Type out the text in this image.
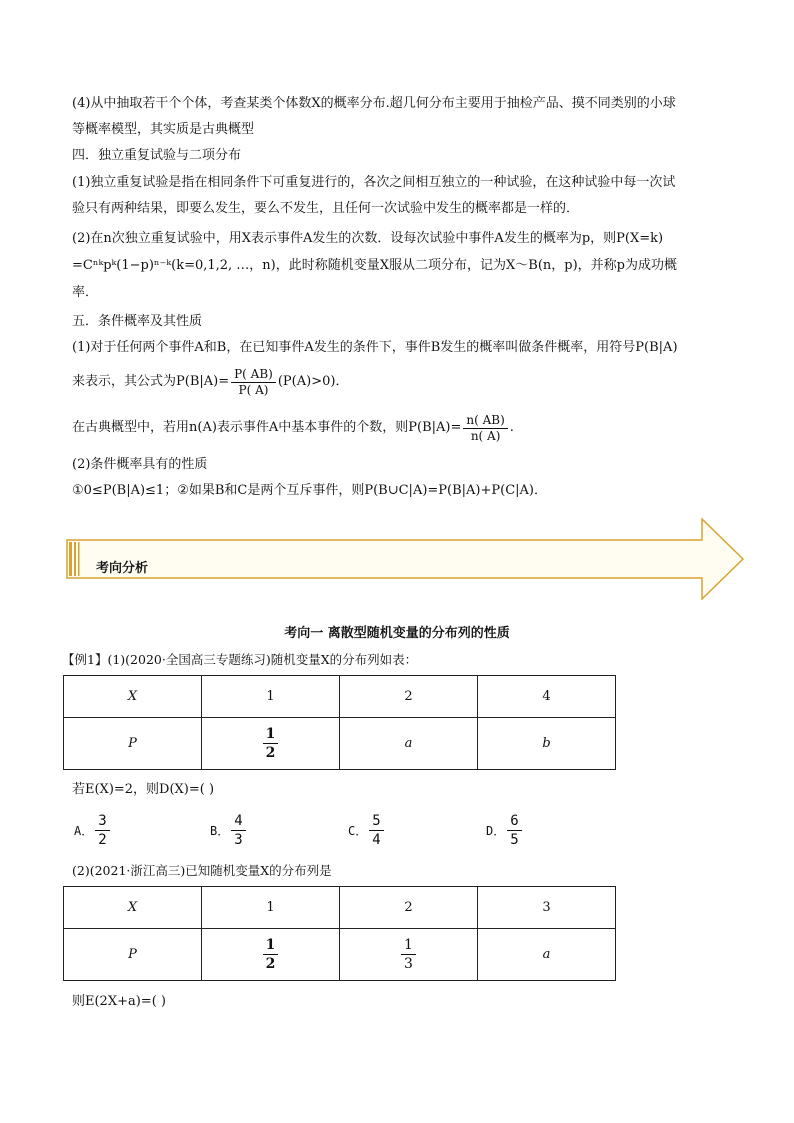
(4)从中抽取若干个个体，考查某类个体数X的概率分布.超几何分布主要用于抽检产品、摸不同类别的小球
等概率模型，其实质是古典概型
四．独立重复试验与二项分布
(1)独立重复试验是指在相同条件下可重复进行的，各次之间相互独立的一种试验，在这种试验中每一次试
验只有两种结果，即要么发生，要么不发生，且任何一次试验中发生的概率都是一样的．
(2)在n次独立重复试验中，用X表示事件A发生的次数．设每次试验中事件A发生的概率为p，则P(X=k)
=Cⁿᵏpᵏ(1−p)ⁿ⁻ᵏ(k=0,1,2, …，n)，此时称随机变量X服从二项分布，记为X～B(n，p)，并称p为成功概
率．
五．条件概率及其性质
(1)对于任何两个事件A和B，在已知事件A发生的条件下，事件B发生的概率叫做条件概率，用符号P(B|A)
来表示，其公式为$P(B|A)= \frac{P( AB)}{P( A)} (P(A)>0)$．
在古典概型中，若用n(A)表示事件A中基本事件的个数，则$P(B|A)= \frac{n( AB)}{n( A)}$ .
(2)条件概率具有的性质
①0≤P(B|A)≤1；②如果B和C是两个互斥事件，则P(B∪C|A)=P(B|A)+P(C|A)．
考向分析
考向一 离散型随机变量的分布列的性质
【例1】(1)(2020·全国高三专题练习)随机变量X的分布列如表：
X	1	2	4
P	$\frac{1}{2}$	a	b
若E(X)=2，则D(X)=( )
A． $\frac{3}{2}$	B． $\frac{4}{3}$	C． $\frac{5}{4}$	D． $\frac{6}{5}$
(2)(2021·浙江高三)已知随机变量X的分布列是
X	1	2	3
P	$\frac{1}{2}$	$\frac{1}{3}$	a
则E(2X+a)=( )
